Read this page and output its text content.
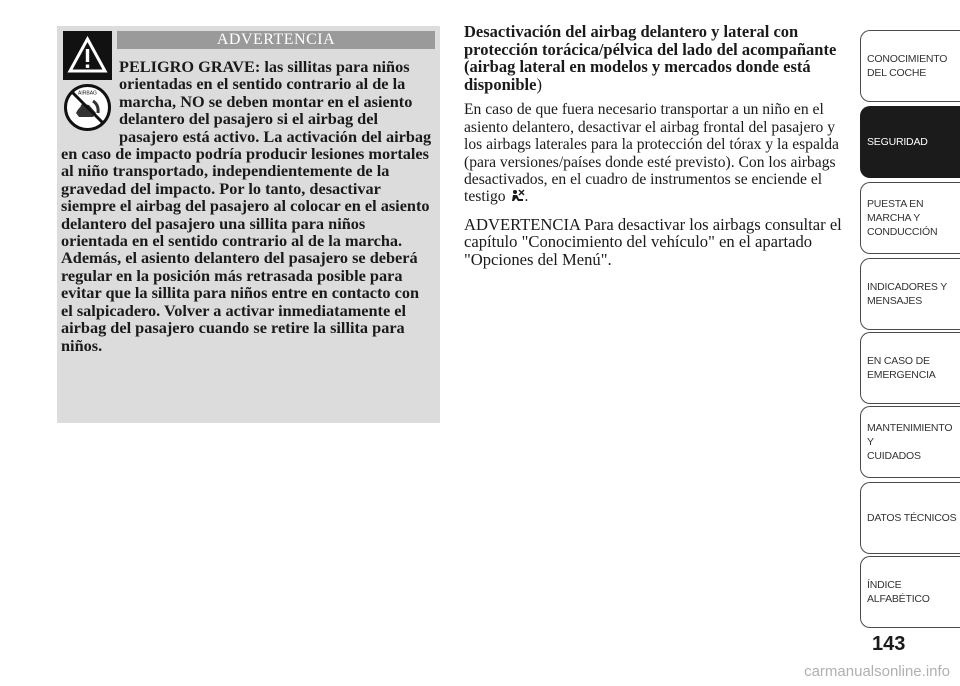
AIRBAG
ADVERTENCIA
PELIGRO GRAVE: las sillitas para niños orientadas en el sentido contrario al de la marcha, NO se deben montar en el asiento delantero del pasajero si el airbag del pasajero está activo. La activación del airbag en caso de impacto podría producir lesiones mortales al niño transportado, independientemente de la gravedad del impacto. Por lo tanto, desactivar siempre el airbag del pasajero al colocar en el asiento delantero del pasajero una sillita para niños orientada en el sentido contrario al de la marcha. Además, el asiento delantero del pasajero se deberá regular en la posición más retrasada posible para evitar que la sillita para niños entre en contacto con el salpicadero. Volver a activar inmediatamente el airbag del pasajero cuando se retire la sillita para niños.

Desactivación del airbag delantero y lateral con protección torácica/pélvica del lado del acompañante (airbag lateral en modelos y mercados donde está disponible)

En caso de que fuera necesario transportar a un niño en el asiento delantero, desactivar el airbag frontal del pasajero y los airbags laterales para la protección del tórax y la espalda (para versiones/países donde esté previsto). Con los airbags desactivados, en el cuadro de instrumentos se enciende el testigo .

ADVERTENCIA Para desactivar los airbags consultar el capítulo "Conocimiento del vehículo" en el apartado "Opciones del Menú".

CONOCIMIENTO
DEL COCHE
SEGURIDAD
PUESTA EN
MARCHA Y
CONDUCCIÓN
INDICADORES Y
MENSAJES
EN CASO DE
EMERGENCIA
MANTENIMIENTO Y
CUIDADOS
DATOS TÉCNICOS
ÍNDICE
ALFABÉTICO
143
carmanualsonline.info
